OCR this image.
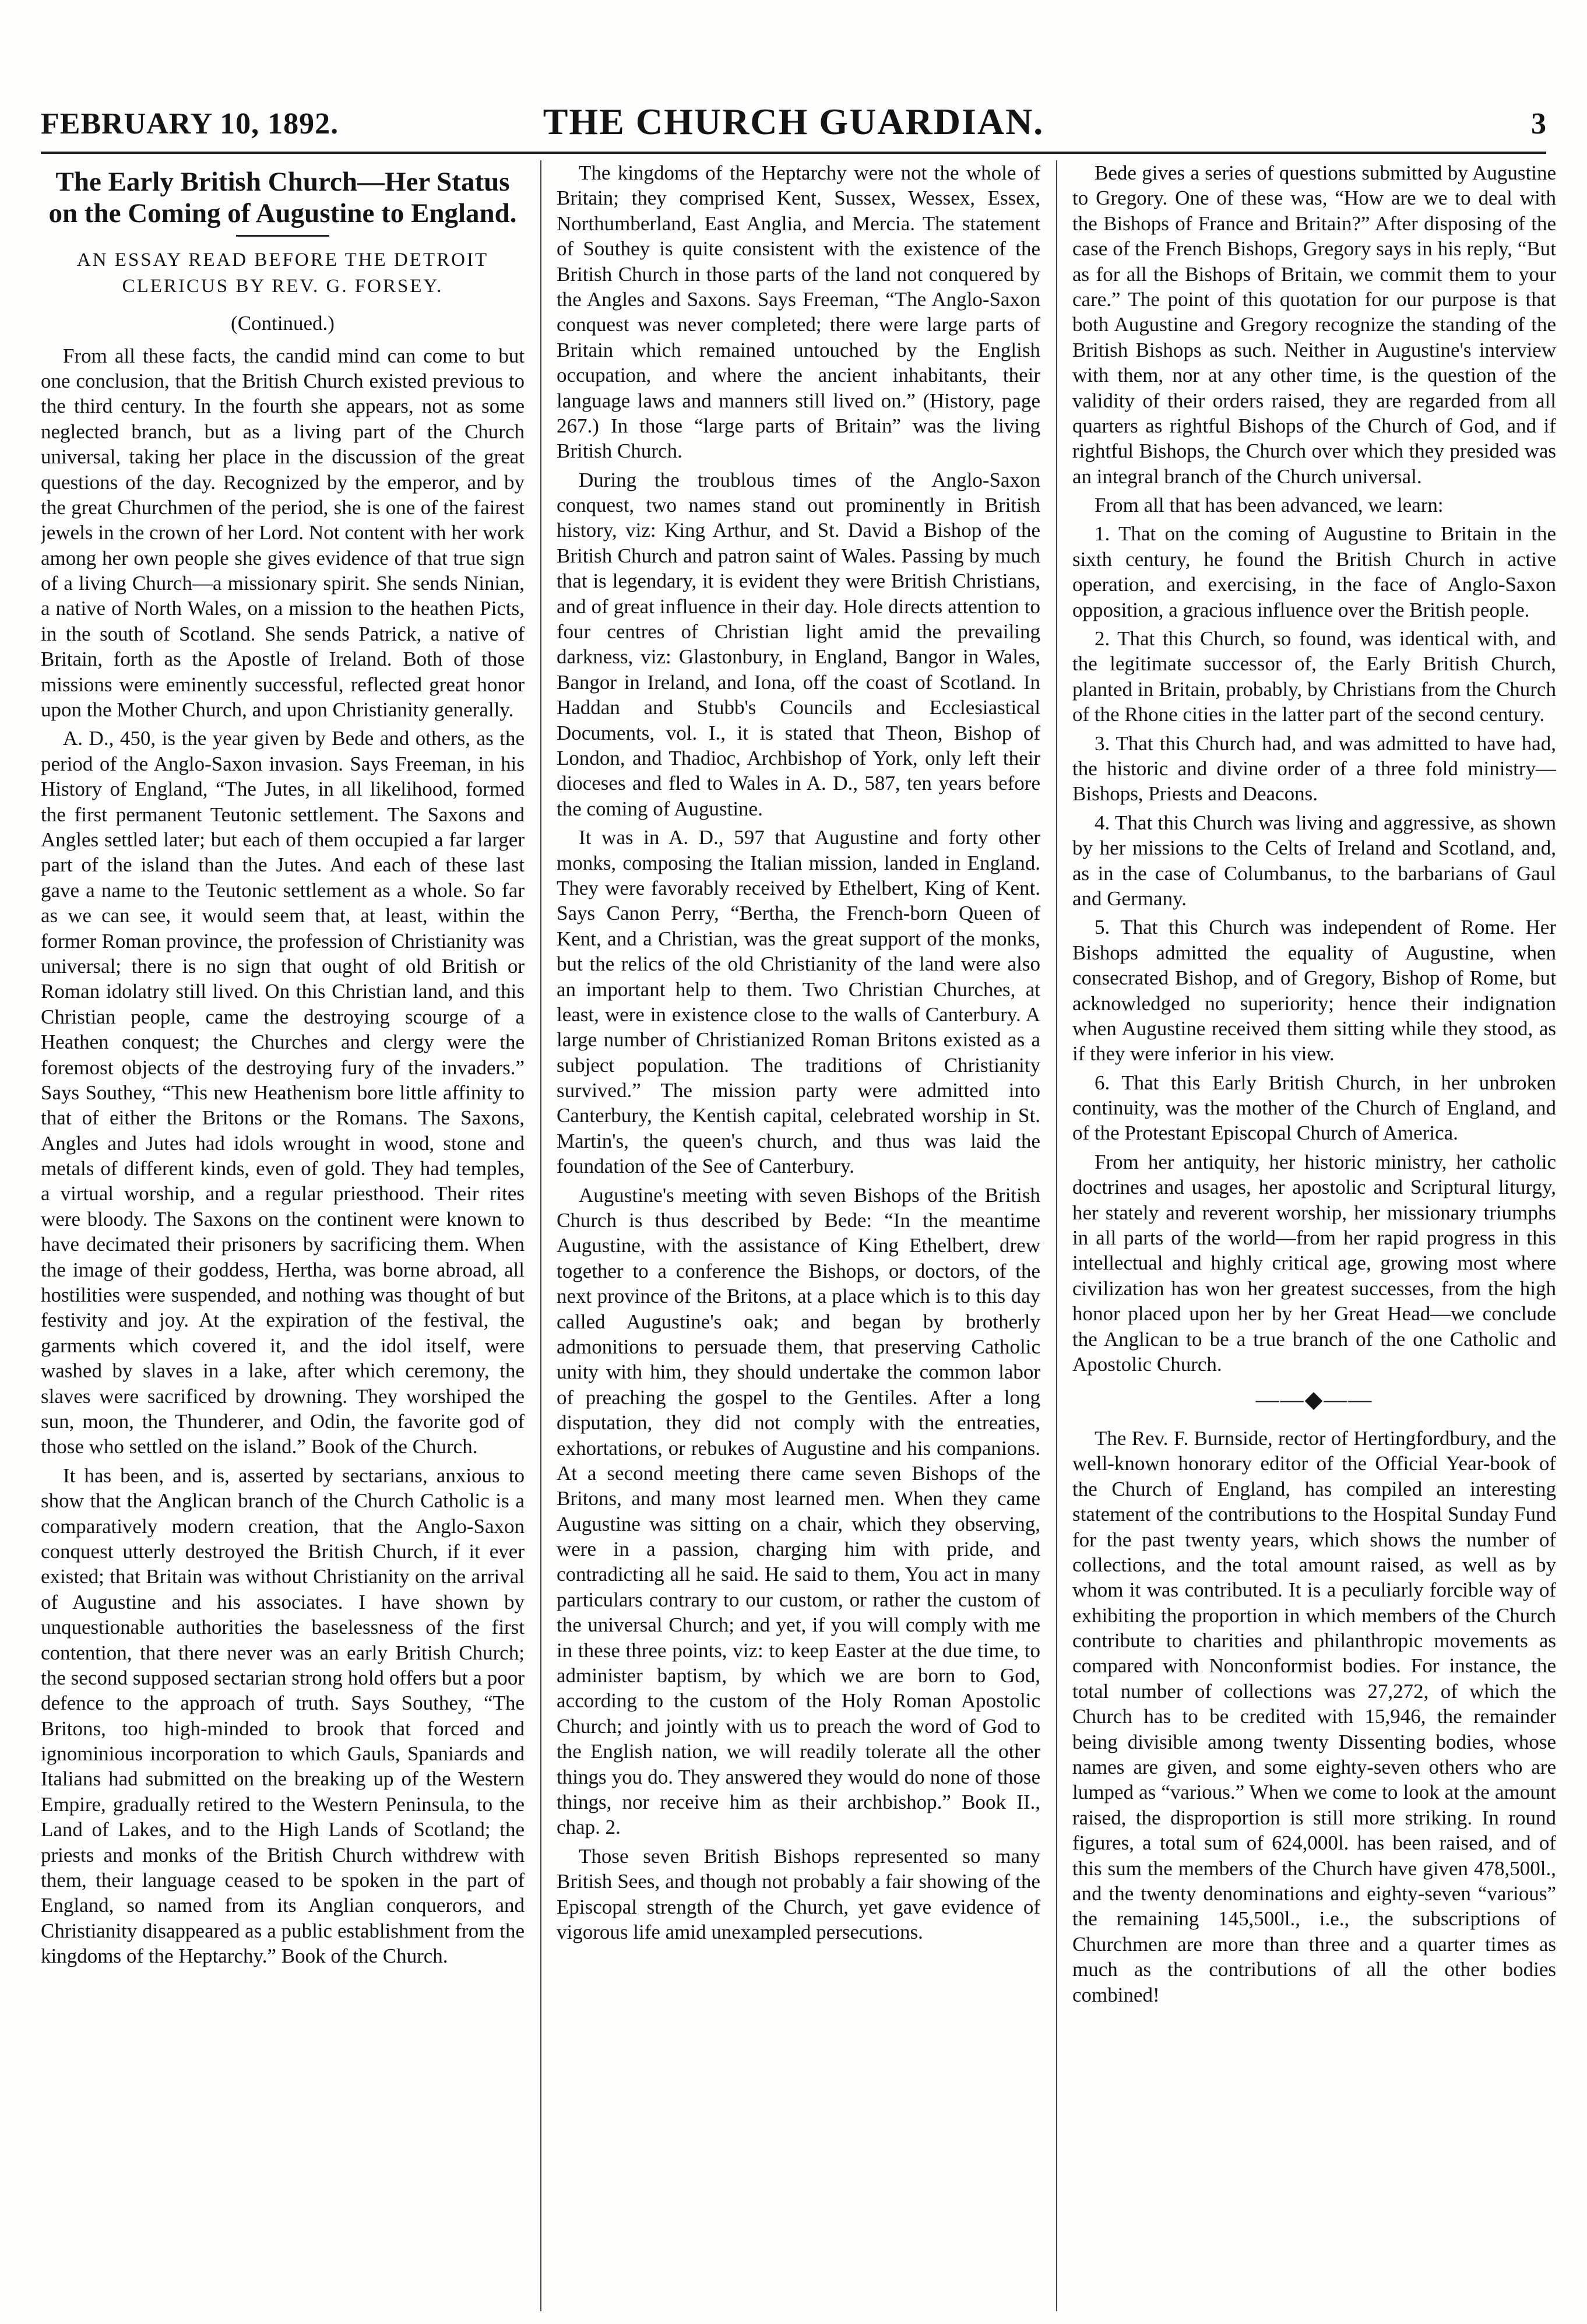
FEBRUARY 10, 1892.	THE CHURCH GUARDIAN.	3
The Early British Church—Her Status on the Coming of Augustine to England.
AN ESSAY READ BEFORE THE DETROIT CLERICUS BY REV. G. FORSEY.
(Continued.)

From all these facts, the candid mind can come to but one conclusion, that the British Church existed previous to the third century. In the fourth she appears, not as some neglected branch, but as a living part of the Church universal, taking her place in the discussion of the great questions of the day. Recognized by the emperor, and by the great Churchmen of the period, she is one of the fairest jewels in the crown of her Lord. Not content with her work among her own people she gives evidence of that true sign of a living Church—a missionary spirit. She sends Ninian, a native of North Wales, on a mission to the heathen Picts, in the south of Scotland. She sends Patrick, a native of Britain, forth as the Apostle of Ireland. Both of those missions were eminently successful, reflected great honor upon the Mother Church, and upon Christianity generally.

A. D., 450, is the year given by Bede and others, as the period of the Anglo-Saxon invasion. Says Freeman, in his History of England, “The Jutes, in all likelihood, formed the first permanent Teutonic settlement. The Saxons and Angles settled later; but each of them occupied a far larger part of the island than the Jutes. And each of these last gave a name to the Teutonic settlement as a whole. So far as we can see, it would seem that, at least, within the former Roman province, the profession of Christianity was universal; there is no sign that ought of old British or Roman idolatry still lived. On this Christian land, and this Christian people, came the destroying scourge of a Heathen conquest; the Churches and clergy were the foremost objects of the destroying fury of the invaders.” Says Southey, “This new Heathenism bore little affinity to that of either the Britons or the Romans. The Saxons, Angles and Jutes had idols wrought in wood, stone and metals of different kinds, even of gold. They had temples, a virtual worship, and a regular priesthood. Their rites were bloody. The Saxons on the continent were known to have decimated their prisoners by sacrificing them. When the image of their goddess, Hertha, was borne abroad, all hostilities were suspended, and nothing was thought of but festivity and joy. At the expiration of the festival, the garments which covered it, and the idol itself, were washed by slaves in a lake, after which ceremony, the slaves were sacrificed by drowning. They worshiped the sun, moon, the Thunderer, and Odin, the favorite god of those who settled on the island.” Book of the Church.

It has been, and is, asserted by sectarians, anxious to show that the Anglican branch of the Church Catholic is a comparatively modern creation, that the Anglo-Saxon conquest utterly destroyed the British Church, if it ever existed; that Britain was without Christianity on the arrival of Augustine and his associates. I have shown by unquestionable authorities the baselessness of the first contention, that there never was an early British Church; the second supposed sectarian strong hold offers but a poor defence to the approach of truth. Says Southey, “The Britons, too high-minded to brook that forced and ignominious incorporation to which Gauls, Spaniards and Italians had submitted on the breaking up of the Western Empire, gradually retired to the Western Peninsula, to the Land of Lakes, and to the High Lands of Scotland; the priests and monks of the British Church withdrew with them, their language ceased to be spoken in the part of England, so named from its Anglian conquerors, and Christianity disappeared as a public establishment from the kingdoms of the Heptarchy.” Book of the Church.

The kingdoms of the Heptarchy were not the whole of Britain; they comprised Kent, Sussex, Wessex, Essex, Northumberland, East Anglia, and Mercia. The statement of Southey is quite consistent with the existence of the British Church in those parts of the land not conquered by the Angles and Saxons. Says Freeman, “The Anglo-Saxon conquest was never completed; there were large parts of Britain which remained untouched by the English occupation, and where the ancient inhabitants, their language laws and manners still lived on.” (History, page 267.) In those “large parts of Britain” was the living British Church.

During the troublous times of the Anglo-Saxon conquest, two names stand out prominently in British history, viz: King Arthur, and St. David a Bishop of the British Church and patron saint of Wales. Passing by much that is legendary, it is evident they were British Christians, and of great influence in their day. Hole directs attention to four centres of Christian light amid the prevailing darkness, viz: Glastonbury, in England, Bangor in Wales, Bangor in Ireland, and Iona, off the coast of Scotland. In Haddan and Stubb's Councils and Ecclesiastical Documents, vol. I., it is stated that Theon, Bishop of London, and Thadioc, Archbishop of York, only left their dioceses and fled to Wales in A. D., 587, ten years before the coming of Augustine.

It was in A. D., 597 that Augustine and forty other monks, composing the Italian mission, landed in England. They were favorably received by Ethelbert, King of Kent. Says Canon Perry, “Bertha, the French-born Queen of Kent, and a Christian, was the great support of the monks, but the relics of the old Christianity of the land were also an important help to them. Two Christian Churches, at least, were in existence close to the walls of Canterbury. A large number of Christianized Roman Britons existed as a subject population. The traditions of Christianity survived.” The mission party were admitted into Canterbury, the Kentish capital, celebrated worship in St. Martin's, the queen's church, and thus was laid the foundation of the See of Canterbury.

Augustine's meeting with seven Bishops of the British Church is thus described by Bede: “In the meantime Augustine, with the assistance of King Ethelbert, drew together to a conference the Bishops, or doctors, of the next province of the Britons, at a place which is to this day called Augustine's oak; and began by brotherly admonitions to persuade them, that preserving Catholic unity with him, they should undertake the common labor of preaching the gospel to the Gentiles. After a long disputation, they did not comply with the entreaties, exhortations, or rebukes of Augustine and his companions. At a second meeting there came seven Bishops of the Britons, and many most learned men. When they came Augustine was sitting on a chair, which they observing, were in a passion, charging him with pride, and contradicting all he said. He said to them, You act in many particulars contrary to our custom, or rather the custom of the universal Church; and yet, if you will comply with me in these three points, viz: to keep Easter at the due time, to administer baptism, by which we are born to God, according to the custom of the Holy Roman Apostolic Church; and jointly with us to preach the word of God to the English nation, we will readily tolerate all the other things you do. They answered they would do none of those things, nor receive him as their archbishop.” Book II., chap. 2.

Those seven British Bishops represented so many British Sees, and though not probably a fair showing of the Episcopal strength of the Church, yet gave evidence of vigorous life amid unexampled persecutions.

Bede gives a series of questions submitted by Augustine to Gregory. One of these was, “How are we to deal with the Bishops of France and Britain?” After disposing of the case of the French Bishops, Gregory says in his reply, “But as for all the Bishops of Britain, we commit them to your care.” The point of this quotation for our purpose is that both Augustine and Gregory recognize the standing of the British Bishops as such. Neither in Augustine's interview with them, nor at any other time, is the question of the validity of their orders raised, they are regarded from all quarters as rightful Bishops of the Church of God, and if rightful Bishops, the Church over which they presided was an integral branch of the Church universal.

From all that has been advanced, we learn:

1. That on the coming of Augustine to Britain in the sixth century, he found the British Church in active operation, and exercising, in the face of Anglo-Saxon opposition, a gracious influence over the British people.
2. That this Church, so found, was identical with, and the legitimate successor of, the Early British Church, planted in Britain, probably, by Christians from the Church of the Rhone cities in the latter part of the second century.
3. That this Church had, and was admitted to have had, the historic and divine order of a three fold ministry—Bishops, Priests and Deacons.
4. That this Church was living and aggressive, as shown by her missions to the Celts of Ireland and Scotland, and, as in the case of Columbanus, to the barbarians of Gaul and Germany.
5. That this Church was independent of Rome. Her Bishops admitted the equality of Augustine, when consecrated Bishop, and of Gregory, Bishop of Rome, but acknowledged no superiority; hence their indignation when Augustine received them sitting while they stood, as if they were inferior in his view.
6. That this Early British Church, in her unbroken continuity, was the mother of the Church of England, and of the Protestant Episcopal Church of America.

From her antiquity, her historic ministry, her catholic doctrines and usages, her apostolic and Scriptural liturgy, her stately and reverent worship, her missionary triumphs in all parts of the world—from her rapid progress in this intellectual and highly critical age, growing most where civilization has won her greatest successes, from the high honor placed upon her by her Great Head—we conclude the Anglican to be a true branch of the one Catholic and Apostolic Church.

——◆——

The Rev. F. Burnside, rector of Hertingfordbury, and the well-known honorary editor of the Official Year-book of the Church of England, has compiled an interesting statement of the contributions to the Hospital Sunday Fund for the past twenty years, which shows the number of collections, and the total amount raised, as well as by whom it was contributed. It is a peculiarly forcible way of exhibiting the proportion in which members of the Church contribute to charities and philanthropic movements as compared with Nonconformist bodies. For instance, the total number of collections was 27,272, of which the Church has to be credited with 15,946, the remainder being divisible among twenty Dissenting bodies, whose names are given, and some eighty-seven others who are lumped as “various.” When we come to look at the amount raised, the disproportion is still more striking. In round figures, a total sum of 624,000l. has been raised, and of this sum the members of the Church have given 478,500l., and the twenty denominations and eighty-seven “various” the remaining 145,500l., i.e., the subscriptions of Churchmen are more than three and a quarter times as much as the contributions of all the other bodies combined!
